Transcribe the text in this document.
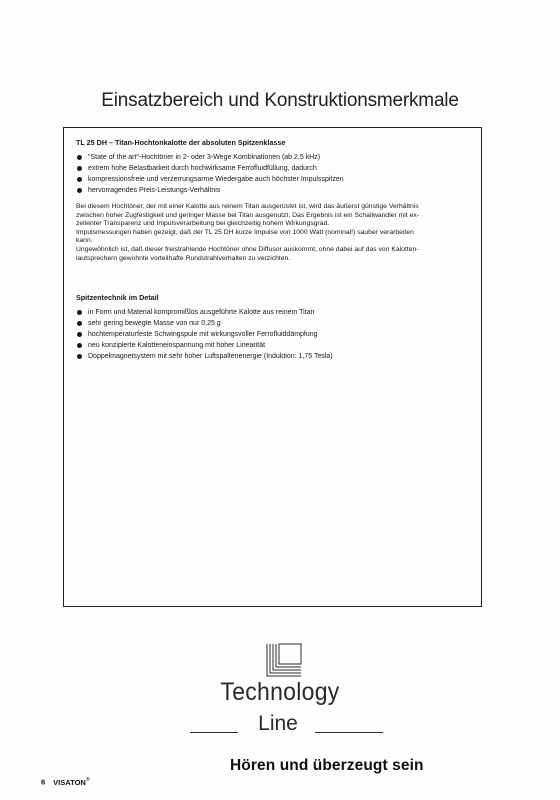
Einsatzbereich und Konstruktionsmerkmale
TL 25 DH – Titan-Hochtonkalotte der absoluten Spitzenklasse
"State of the art"-Hochtöner in 2- oder 3-Wege Kombinationen (ab 2,5 kHz)
extrem hohe Belastbarkeit durch hochwirksame Ferrofluidfüllung, dadurch
kompressionsfreie und verzerrungsarme Wiedergabe auch höchster Impulsspitzen
hervorragendes Preis-Leistungs-Verhältnis

Bei diesem Hochtöner, der mit einer Kalotte aus reinem Titan ausgerüstet ist, wird das äußerst günstige Verhältnis

zwischen hoher Zugfestigkeit und geringer Masse bei Titan ausgenutzt. Das Ergebnis ist ein Schallwandler mit ex-

zellenter Transparenz und Impulsverarbeitung bei gleichzeitig hohem Wirkungsgrad.

Impulsmessungen haben gezeigt, daß der TL 25 DH kurze Impulse von 1000 Watt (nominal!) sauber verarbeiten

kann.

Ungewöhnlich ist, daß dieser freistrahlende Hochtöner ohne Diffusor auskommt, ohne dabei auf das von Kalotten-

lautsprechern gewohnte vorteilhafte Rundstrahlverhalten zu verzichten.

Spitzentechnik im Detail
in Form und Material kompromißlos ausgeführte Kalotte aus reinem Titan
sehr gering bewegte Masse von nur 0,25 g
hochtemperaturfeste Schwingspule mit wirkungsvoller Ferrofluiddämpfung
neu konzipierte Kalotteneinspannung mit hoher Linearität
Doppelmagnetsystem mit sehr hoher Luftspaltenenergie (Induktion: 1,75 Tesla)
Technology
Line
Hören und überzeugt sein
6 VISATON®
